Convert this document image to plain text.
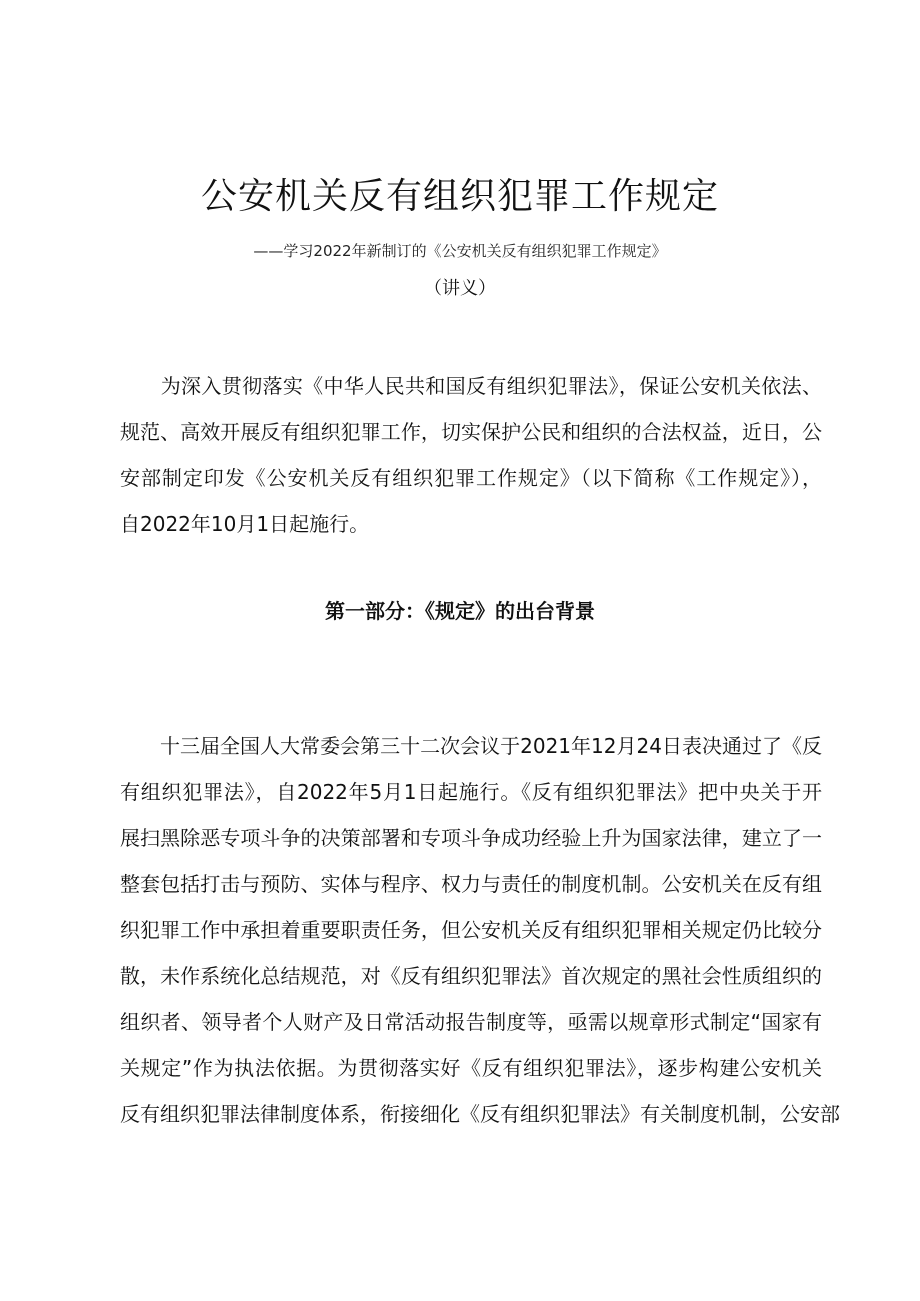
公安机关反有组织犯罪工作规定
——学习2022年新制订的《公安机关反有组织犯罪工作规定》
（讲义）
　　为深入贯彻落实《中华人民共和国反有组织犯罪法》，保证公安机关依法、
规范、高效开展反有组织犯罪工作，切实保护公民和组织的合法权益，近日，公
安部制定印发《公安机关反有组织犯罪工作规定》（以下简称《工作规定》），
自2022年10月1日起施行。
第一部分：《规定》的出台背景
　　十三届全国人大常委会第三十二次会议于2021年12月24日表决通过了《反
有组织犯罪法》，自2022年5月1日起施行。《反有组织犯罪法》把中央关于开
展扫黑除恶专项斗争的决策部署和专项斗争成功经验上升为国家法律，建立了一
整套包括打击与预防、实体与程序、权力与责任的制度机制。公安机关在反有组
织犯罪工作中承担着重要职责任务，但公安机关反有组织犯罪相关规定仍比较分
散，未作系统化总结规范，对《反有组织犯罪法》首次规定的黑社会性质组织的
组织者、领导者个人财产及日常活动报告制度等，亟需以规章形式制定“国家有
关规定”作为执法依据。为贯彻落实好《反有组织犯罪法》，逐步构建公安机关
反有组织犯罪法律制度体系，衔接细化《反有组织犯罪法》有关制度机制，公安部
